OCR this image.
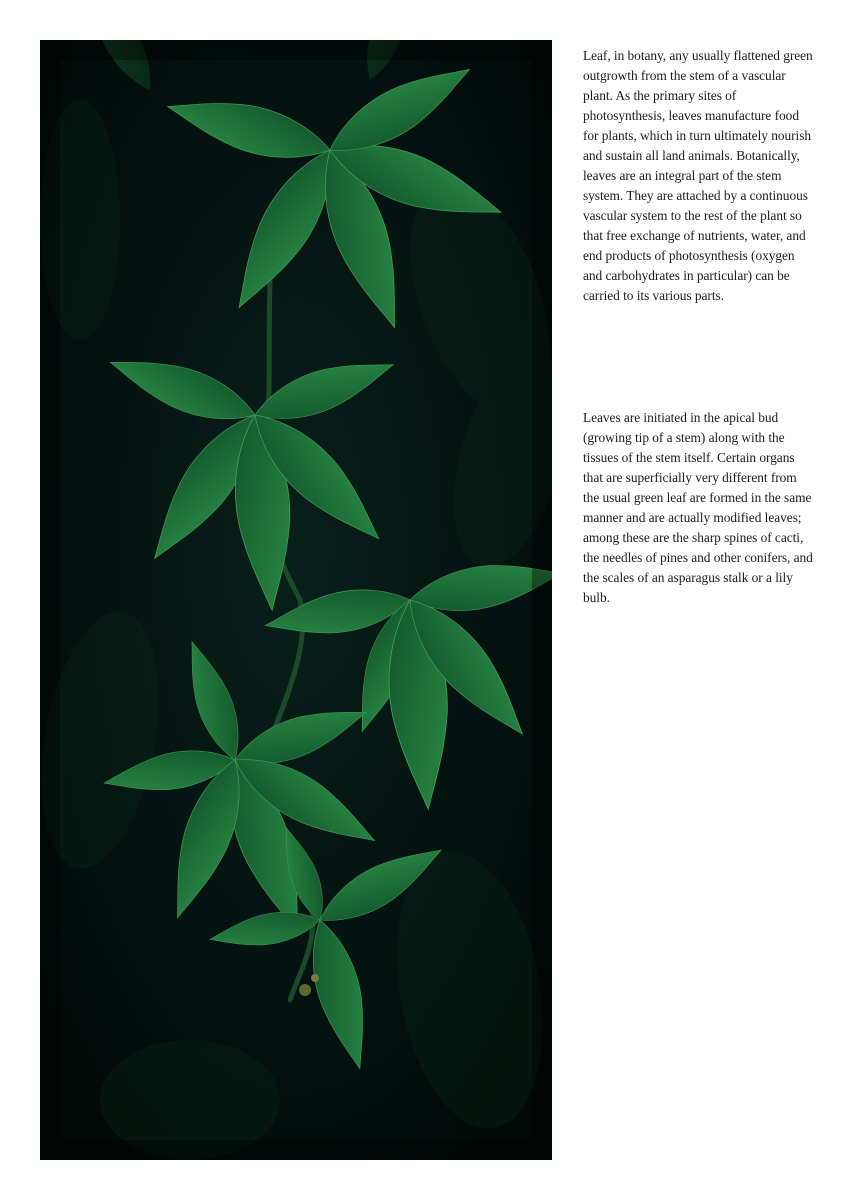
Leaf, in botany, any usually flattened green outgrowth from the stem of a vascular plant. As the primary sites of photosynthesis, leaves manufacture food for plants, which in turn ultimately nourish and sustain all land animals. Botanically, leaves are an integral part of the stem system. They are attached by a continuous vascular system to the rest of the plant so that free exchange of nutrients, water, and end products of photosynthesis (oxygen and carbohydrates in particular) can be carried to its various parts.

Leaves are initiated in the apical bud (growing tip of a stem) along with the tissues of the stem itself. Certain organs that are superficially very different from the usual green leaf are formed in the same manner and are actually modified leaves; among these are the sharp spines of cacti, the needles of pines and other conifers, and the scales of an asparagus stalk or a lily bulb.
